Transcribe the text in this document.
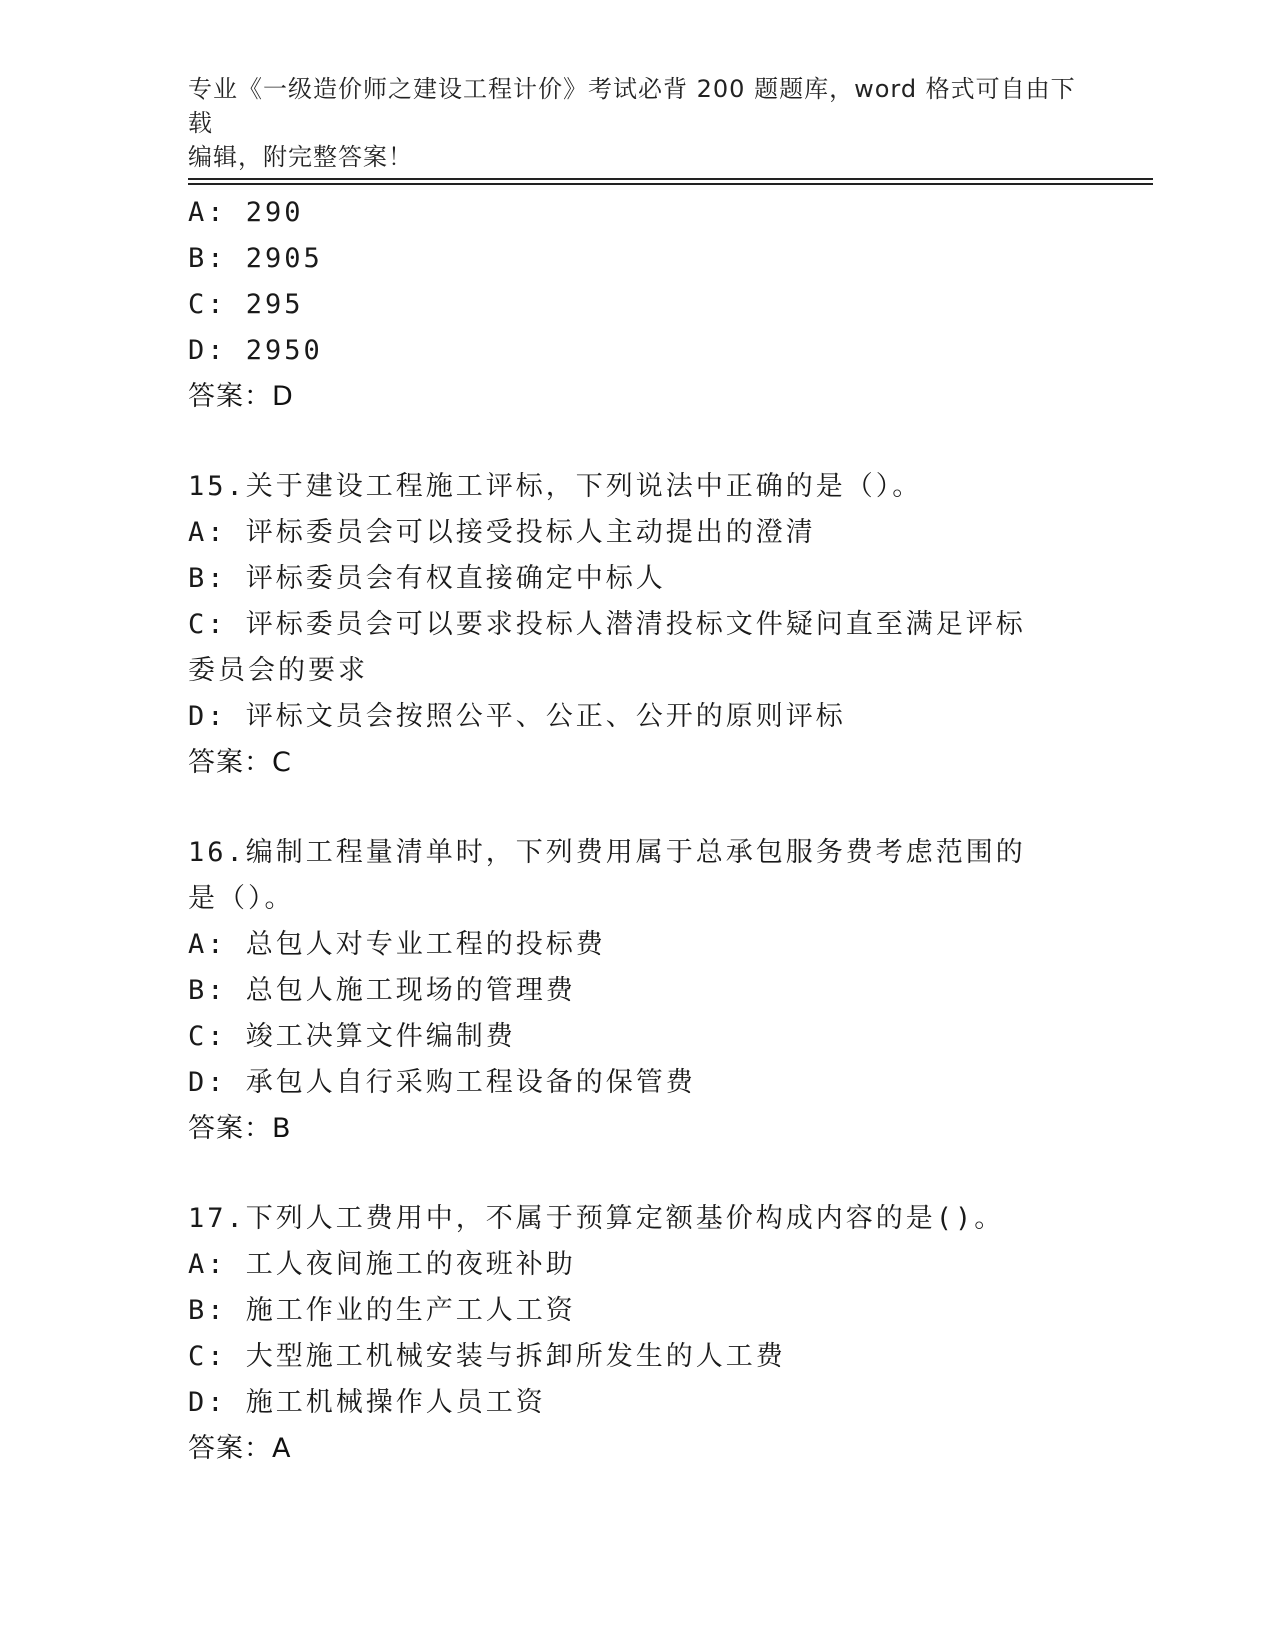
专业《一级造价师之建设工程计价》考试必背 200 题题库，word 格式可自由下载
编辑，附完整答案！
A: 290
B: 2905
C: 295
D: 2950
答案：D
15.关于建设工程施工评标，下列说法中正确的是（）。
A: 评标委员会可以接受投标人主动提出的澄清
B: 评标委员会有权直接确定中标人
C: 评标委员会可以要求投标人潜清投标文件疑问直至满足评标委员会的要求
D: 评标文员会按照公平、公正、公开的原则评标
答案：C
16.编制工程量清单时，下列费用属于总承包服务费考虑范围的是（）。
A: 总包人对专业工程的投标费
B: 总包人施工现场的管理费
C: 竣工决算文件编制费
D: 承包人自行采购工程设备的保管费
答案：B
17.下列人工费用中，不属于预算定额基价构成内容的是()。
A: 工人夜间施工的夜班补助
B: 施工作业的生产工人工资
C: 大型施工机械安装与拆卸所发生的人工费
D: 施工机械操作人员工资
答案：A
